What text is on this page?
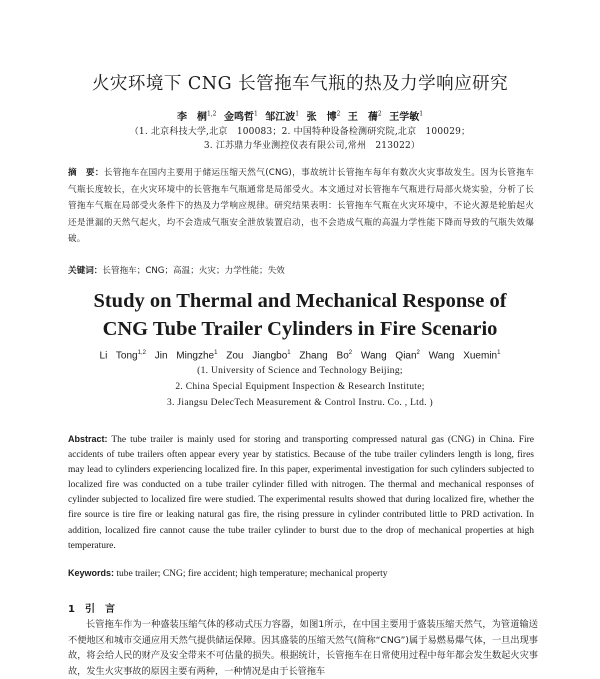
火灾环境下 CNG 长管拖车气瓶的热及力学响应研究
李　桐$^{1,2}$ 金鸣哲$^1$ 邹江波$^1$ 张　博$^2$ 王　蒨$^2$ 王学敏$^1$
（1. 北京科技大学,北京　100083；2. 中国特种设备检测研究院,北京　100029；
3. 江苏鼎力华业测控仪表有限公司,常州　213022）
摘　要：长管拖车在国内主要用于储运压缩天然气(CNG)，事故统计长管拖车每年有数次火灾事故发生。因为长管拖车气瓶长度较长，在火灾环境中的长管拖车气瓶通常是局部受火。本文通过对长管拖车气瓶进行局部火烧实验，分析了长管拖车气瓶在局部受火条件下的热及力学响应规律。研究结果表明：长管拖车气瓶在火灾环境中，不论火源是轮胎起火还是泄漏的天然气起火，均不会造成气瓶安全泄放装置启动，也不会造成气瓶的高温力学性能下降而导致的气瓶失效爆破。
关键词：长管拖车；CNG；高温；火灾；力学性能；失效
Study on Thermal and Mechanical Response of
CNG Tube Trailer Cylinders in Fire Scenario
Li Tong$^{1,2}$ Jin Mingzhe$^1$ Zou Jiangbo$^1$ Zhang Bo$^2$ Wang Qian$^2$ Wang Xuemin$^1$
(1. University of Science and Technology Beijing;
2. China Special Equipment Inspection & Research Institute;
3. Jiangsu DelecTech Measurement & Control Instru. Co. , Ltd. )
Abstract: The tube trailer is mainly used for storing and transporting compressed natural gas (CNG) in China. Fire accidents of tube trailers often appear every year by statistics. Because of the tube trailer cylinders length is long, fires may lead to cylinders experiencing localized fire. In this paper, experimental investigation for such cylinders subjected to localized fire was conducted on a tube trailer cylinder filled with nitrogen. The thermal and mechanical responses of cylinder subjected to localized fire were studied. The experimental results showed that during localized fire, whether the fire source is tire fire or leaking natural gas fire, the rising pressure in cylinder contributed little to PRD activation. In addition, localized fire cannot cause the tube trailer cylinder to burst due to the drop of mechanical properties at high temperature.
Keywords: tube trailer; CNG; fire accident; high temperature; mechanical property
1　引　言
长管拖车作为一种盛装压缩气体的移动式压力容器，如图1所示，在中国主要用于盛装压缩天然气，为管道输送不便地区和城市交通应用天然气提供储运保障。因其盛装的压缩天然气(简称“CNG”)属于易燃易爆气体，一旦出现事故，将会给人民的财产及安全带来不可估量的损失。根据统计，长管拖车在日常使用过程中每年都会发生数起火灾事故，发生火灾事故的原因主要有两种，一种情况是由于长管拖车
